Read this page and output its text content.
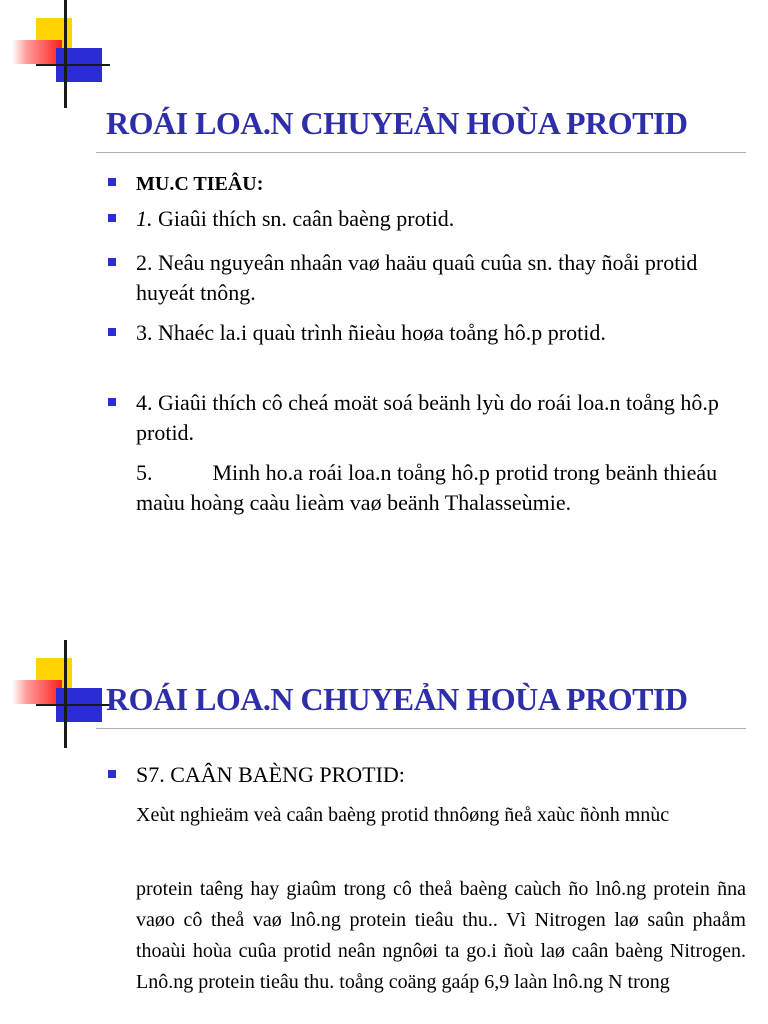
ROÁI LOA.N CHUYEẢN HOÙA PROTID
MU.C TIEÂU:
1. Giaûi thích sn. caân baèng protid.
2. Neâu nguyeân nhaân vaø haäu quaû cuûa sn. thay ñoåi protid huyeát tnông.
3. Nhaéc la.i quaù trình ñieàu hoøa toång hô.p protid.
4. Giaûi thích cô cheá moät soá beänh lyù do roái loa.n toång hô.p protid.
5.	Minh ho.a roái loa.n toång hô.p protid trong beänh thieáu maùu hoàng caàu lieàm vaø beänh Thalasseùmie.
ROÁI LOA.N CHUYEẢN HOÙA PROTID
S7. CAÂN BAÈNG PROTID:
Xeùt nghieäm veà caân baèng protid thnôøng ñeå xaùc ñònh mnùc
protein taêng hay giaûm trong cô theå baèng caùch ño lnô.ng protein ñna vaøo cô theå vaø lnô.ng protein tieâu thu.. Vì Nitrogen laø saûn phaåm thoaùi hoùa cuûa protid neân ngnôøi ta go.i ñoù laø caân baèng Nitrogen. Lnô.ng protein tieâu thu. toång coäng gaáp 6,9 laàn lnô.ng N trong
